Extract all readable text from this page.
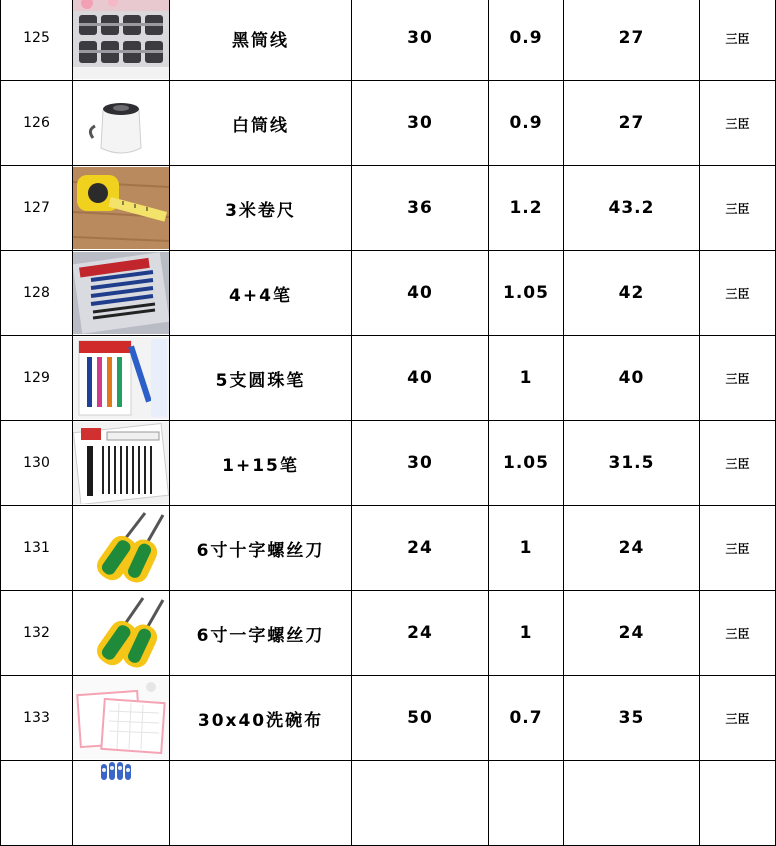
125		黑筒线	30	0.9	27	三臣
126		白筒线	30	0.9	27	三臣
127		3米卷尺	36	1.2	43.2	三臣
128		4+4笔	40	1.05	42	三臣
129		5支圆珠笔	40	1	40	三臣
130		1+15笔	30	1.05	31.5	三臣
131		6寸十字螺丝刀	24	1	24	三臣
132		6寸一字螺丝刀	24	1	24	三臣
133		30x40洗碗布	50	0.7	35	三臣
